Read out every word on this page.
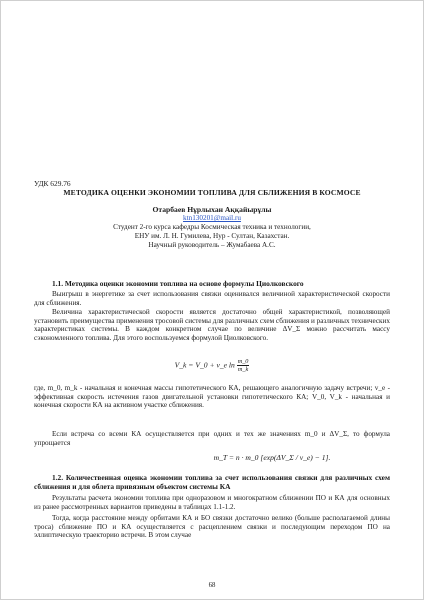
УДК 629.76
МЕТОДИКА ОЦЕНКИ ЭКОНОМИИ ТОПЛИВА ДЛЯ СБЛИЖЕНИЯ В КОСМОСЕ
Отарбаев Нұрлыхан Аққайырұлы
ktn130201@mail.ru
Студент 2-го курса кафедры Космическая техника и технологии,
ЕНУ им. Л. Н. Гумилева, Нур - Султан, Казахстан.
Научный руководитель – Жумабаева А.С.
1.1. Методика оценки экономии топлива на основе формулы Циолковского

Выигрыш в энергетике за счет использования связки оценивался величиной характеристической скорости для сближения.

Величина характеристической скорости является достаточно общей характеристикой, позволяющей установить преимущества применения тросовой системы для различных схем сближения и различных технических характеристиках системы. В каждом конкретном случае по величине ΔV_Σ можно рассчитать массу сэкономленного топлива. Для этого воспользуемся формулой Циолковского.

V_k = V_0 + v_e $\ln \frac{m\_0}{m\_k}$

где, m_0, m_k - начальная и конечная массы гипотетического КА, решающего аналогичную задачу встречи; v_e - эффективная скорость истечения газов двигательной установки гипотетического КА; V_0, V_k - начальная и конечная скорости КА на активном участке сближения.

Если встреча со всеми КА осуществляется при одних и тех же значениях m_0 и ΔV_Σ, то формула упрощается

m_T = n · m_0 [exp(ΔV_Σ / v_e) − 1].
1.2. Количественная оценка экономии топлива за счет использования связки для различных схем сближения и для облета привязным объектом системы КА

Результаты расчета экономии топлива при одноразовом и многократном сближении ПО и КА для основных из ранее рассмотренных вариантов приведены в таблицах 1.1-1.2.

Тогда, когда расстояние между орбитами КА и БО связки достаточно велико (больше располагаемой длины троса) сближение ПО и КА осуществляется с расцеплением связки и последующим переходом ПО на эллиптическую траекторию встречи. В этом случае

68
